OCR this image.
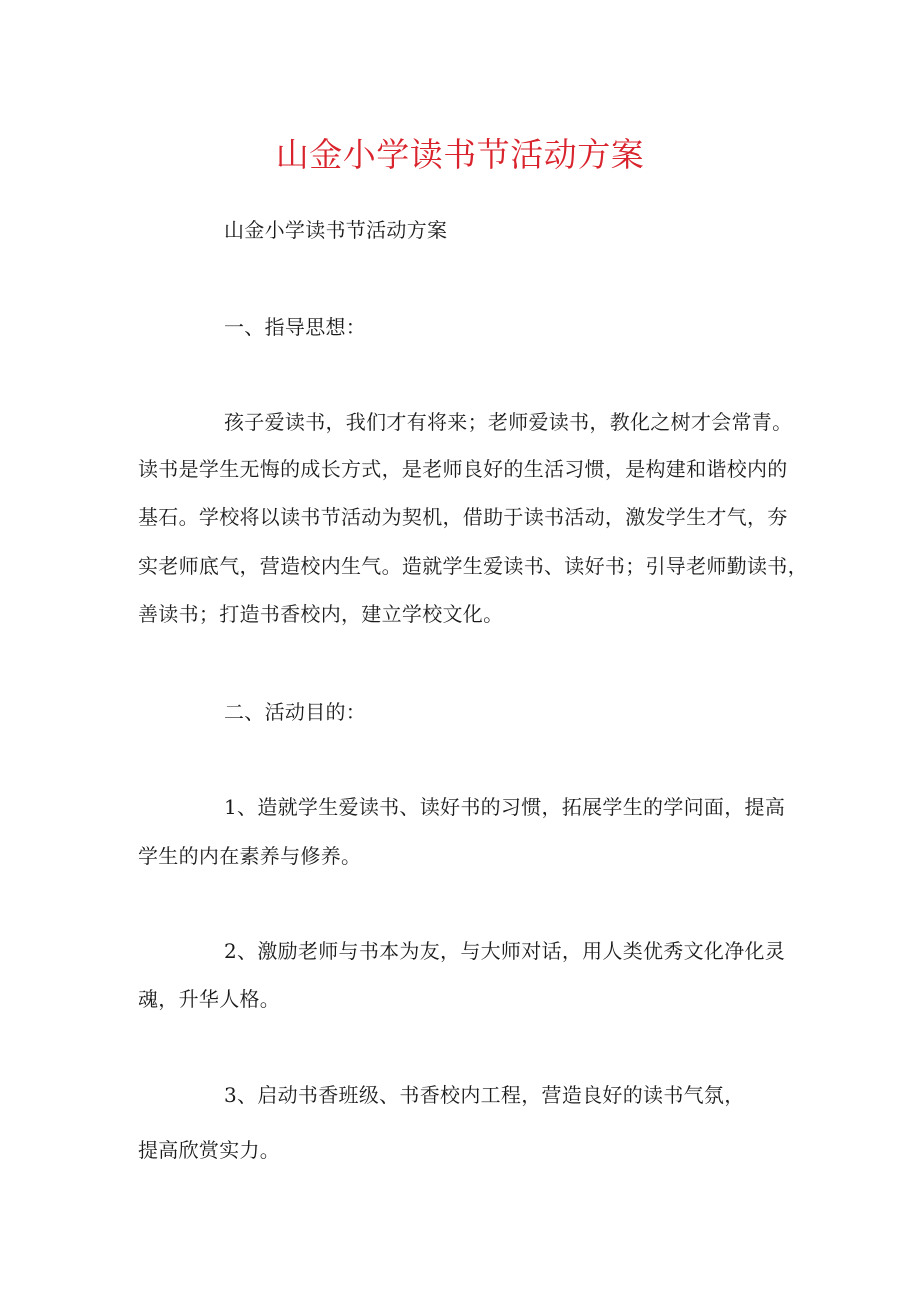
山金小学读书节活动方案
山金小学读书节活动方案
一、指导思想：
孩子爱读书，我们才有将来；老师爱读书，教化之树才会常青。
读书是学生无悔的成长方式，是老师良好的生活习惯，是构建和谐校内的
基石。学校将以读书节活动为契机，借助于读书活动，激发学生才气，夯
实老师底气，营造校内生气。造就学生爱读书、读好书；引导老师勤读书，
善读书；打造书香校内，建立学校文化。
二、活动目的：
1、造就学生爱读书、读好书的习惯，拓展学生的学问面，提高
学生的内在素养与修养。
2、激励老师与书本为友，与大师对话，用人类优秀文化净化灵
魂，升华人格。
3、启动书香班级、书香校内工程，营造良好的读书气氛，
提高欣赏实力。
